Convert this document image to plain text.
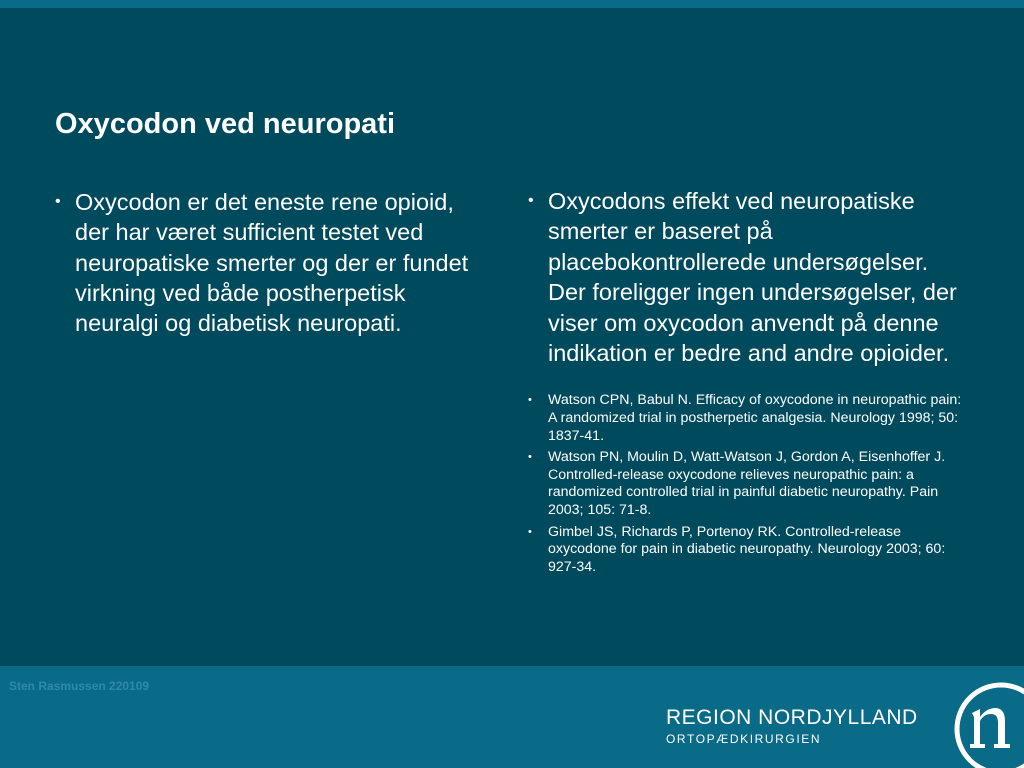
Oxycodon ved neuropati
• Oxycodon er det eneste rene opioid, der har været sufficient testet ved neuropatiske smerter og der er fundet virkning ved både postherpetisk neuralgi og diabetisk neuropati.
• Oxycodons effekt ved neuropatiske smerter er baseret på placebokontrollerede undersøgelser. Der foreligger ingen undersøgelser, der viser om oxycodon anvendt på denne indikation er bedre and andre opioider.
• Watson CPN, Babul N. Efficacy of oxycodone in neuropathic pain: A randomized trial in postherpetic analgesia. Neurology 1998; 50: 1837-41.
• Watson PN, Moulin D, Watt-Watson J, Gordon A, Eisenhoffer J. Controlled-release oxycodone relieves neuropathic pain: a randomized controlled trial in painful diabetic neuropathy. Pain 2003; 105: 71-8.
• Gimbel JS, Richards P, Portenoy RK. Controlled-release oxycodone for pain in diabetic neuropathy. Neurology 2003; 60: 927-34.
Sten Rasmussen 220109
REGION NORDJYLLAND
ORTOPÆDKIRURGIEN
